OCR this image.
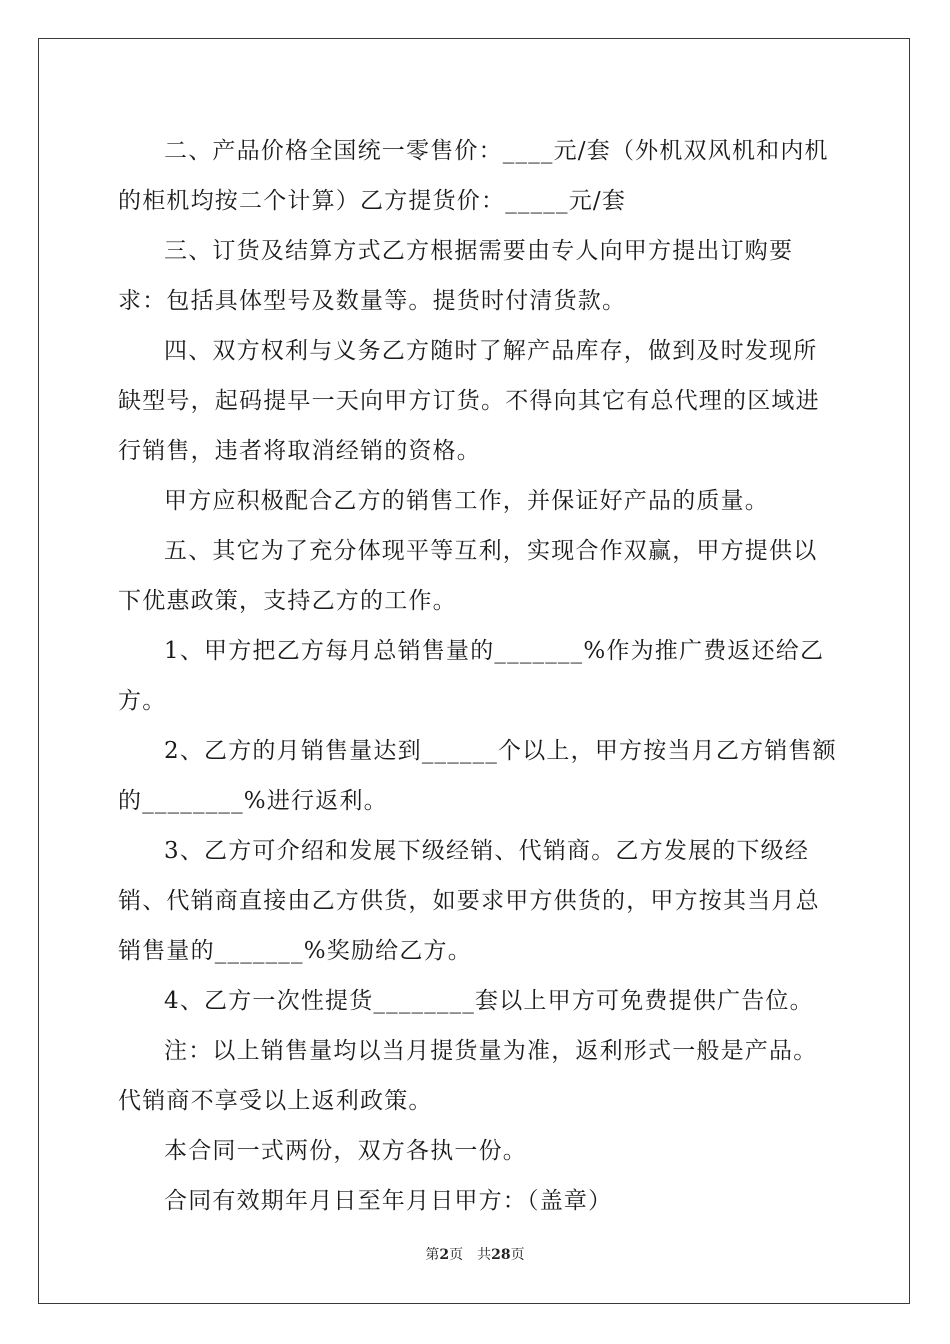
二、产品价格全国统一零售价：____元/套（外机双风机和内机的柜机均按二个计算）乙方提货价：_____元/套

三、订货及结算方式乙方根据需要由专人向甲方提出订购要求：包括具体型号及数量等。提货时付清货款。

四、双方权利与义务乙方随时了解产品库存，做到及时发现所缺型号，起码提早一天向甲方订货。不得向其它有总代理的区域进行销售，违者将取消经销的资格。

甲方应积极配合乙方的销售工作，并保证好产品的质量。

五、其它为了充分体现平等互利，实现合作双赢，甲方提供以下优惠政策，支持乙方的工作。

1、甲方把乙方每月总销售量的_______%作为推广费返还给乙方。

2、乙方的月销售量达到______个以上，甲方按当月乙方销售额的________%进行返利。

3、乙方可介绍和发展下级经销、代销商。乙方发展的下级经销、代销商直接由乙方供货，如要求甲方供货的，甲方按其当月总销售量的_______%奖励给乙方。

4、乙方一次性提货________套以上甲方可免费提供广告位。

注：以上销售量均以当月提货量为准，返利形式一般是产品。代销商不享受以上返利政策。

本合同一式两份，双方各执一份。

合同有效期年月日至年月日甲方：（盖章）

第2页 共28页
